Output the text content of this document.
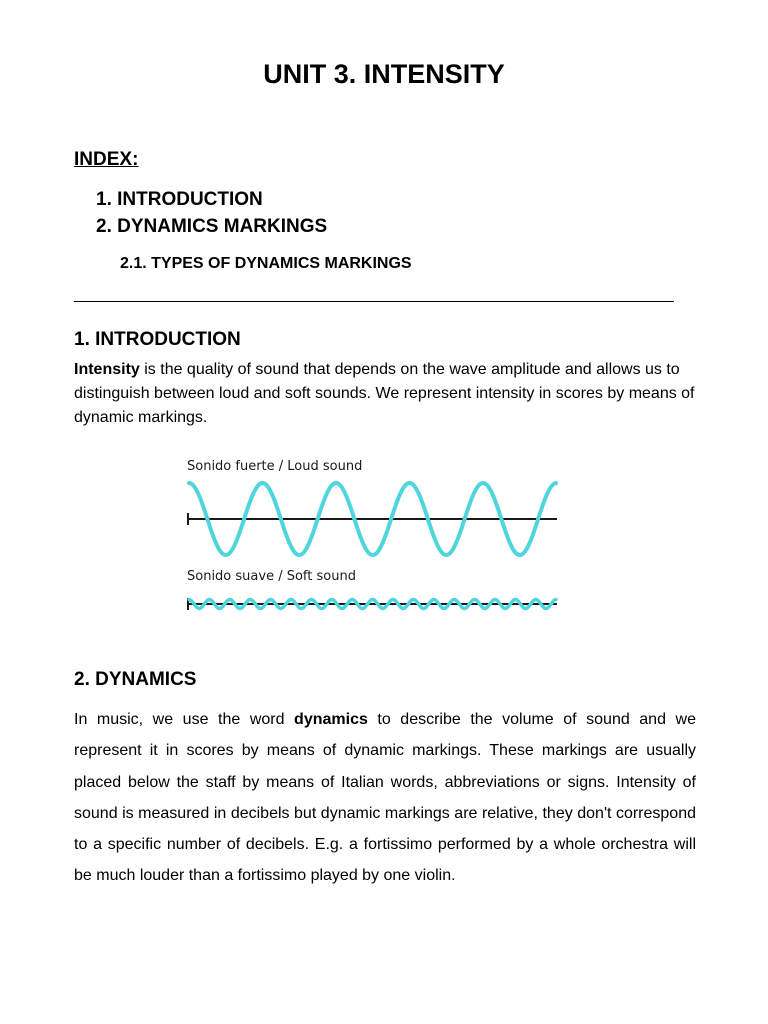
UNIT 3. INTENSITY
INDEX:
1. INTRODUCTION
2. DYNAMICS MARKINGS
2.1. TYPES OF DYNAMICS MARKINGS
1. INTRODUCTION
Intensity is the quality of sound that depends on the wave amplitude and allows us to distinguish between loud and soft sounds. We represent intensity in scores by means of dynamic markings.
Sonido fuerte / Loud sound
Sonido suave / Soft sound
2. DYNAMICS
In music, we use the word dynamics to describe the volume of sound and we represent it in scores by means of dynamic markings. These markings are usually placed below the staff by means of Italian words, abbreviations or signs. Intensity of sound is measured in decibels but dynamic markings are relative, they don't correspond to a specific number of decibels. E.g. a fortissimo performed by a whole orchestra will be much louder than a fortissimo played by one violin.
